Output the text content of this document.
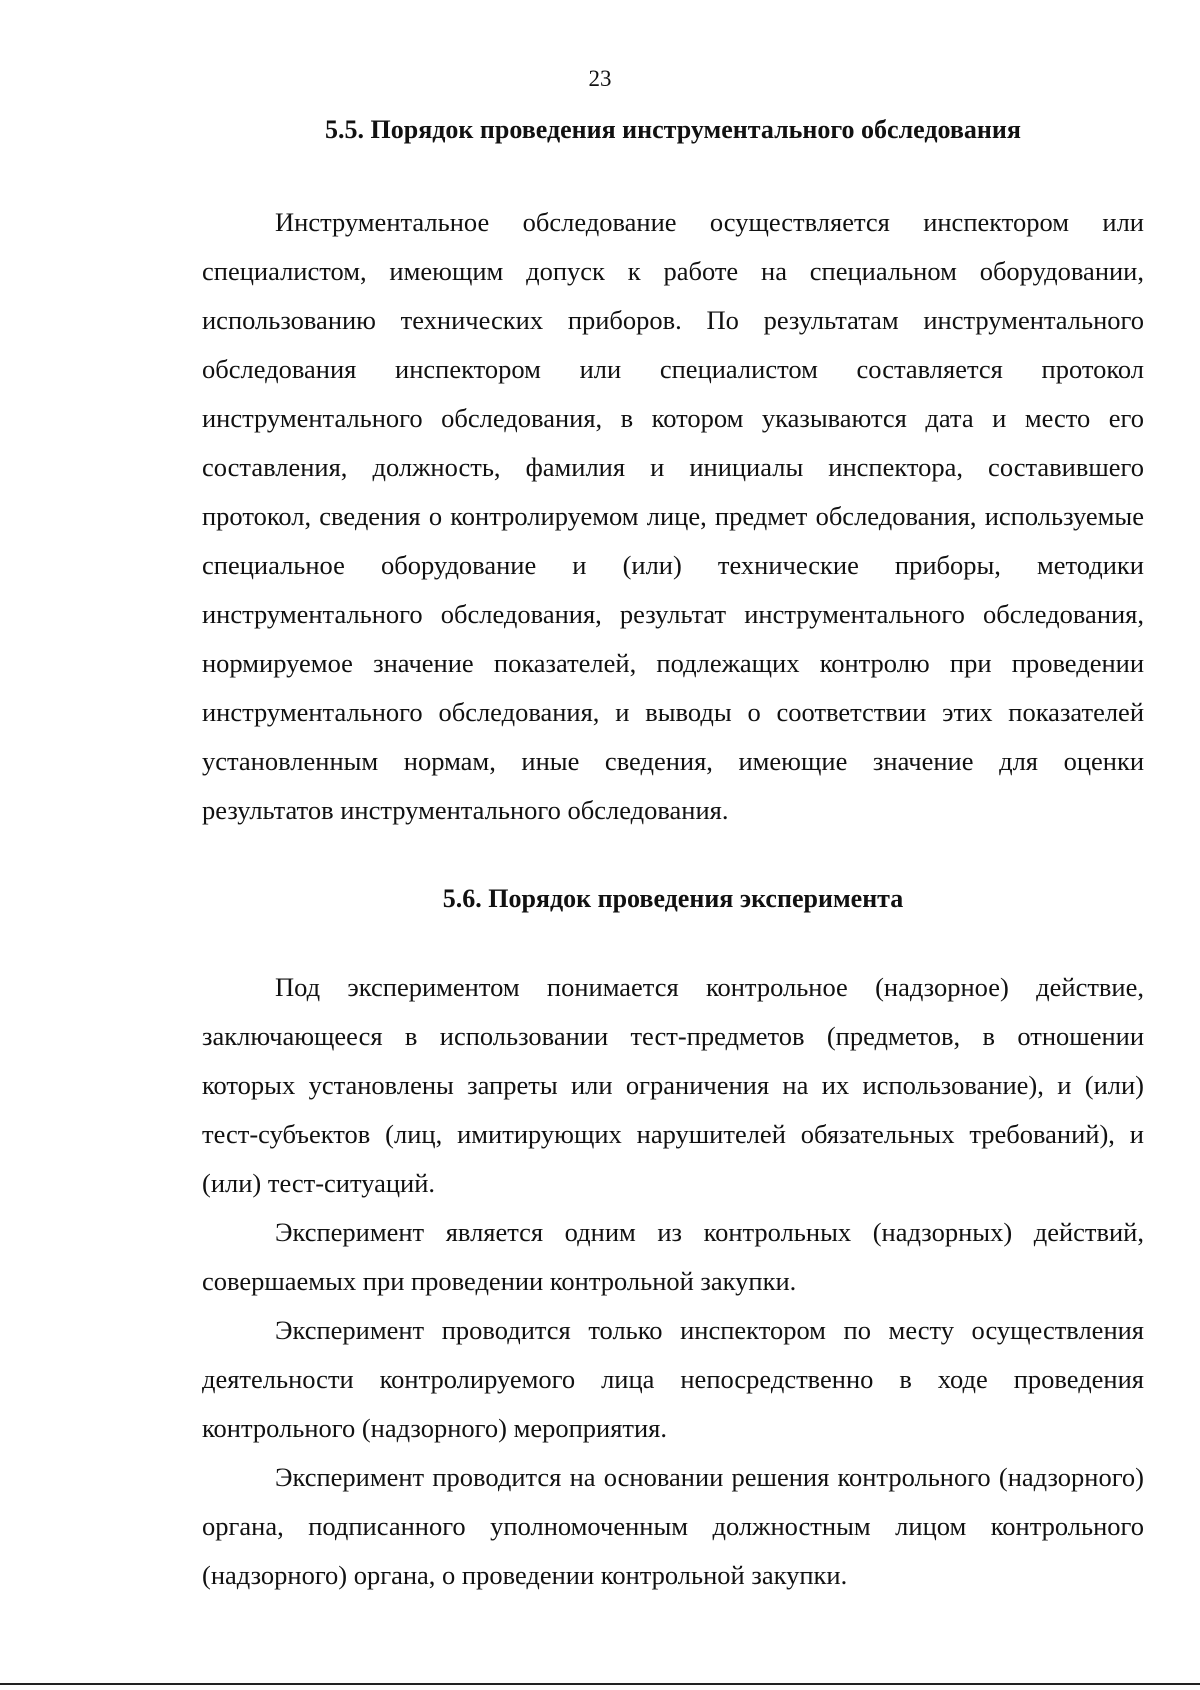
23
5.5. Порядок проведения инструментального обследования

Инструментальное обследование осуществляется инспектором или специалистом, имеющим допуск к работе на специальном оборудовании, использованию технических приборов. По результатам инструментального обследования инспектором или специалистом составляется протокол инструментального обследования, в котором указываются дата и место его составления, должность, фамилия и инициалы инспектора, составившего протокол, сведения о контролируемом лице, предмет обследования, используемые специальное оборудование и (или) технические приборы, методики инструментального обследования, результат инструментального обследования, нормируемое значение показателей, подлежащих контролю при проведении инструментального обследования, и выводы о соответствии этих показателей установленным нормам, иные сведения, имеющие значение для оценки результатов инструментального обследования.

5.6. Порядок проведения эксперимента

Под экспериментом понимается контрольное (надзорное) действие, заключающееся в использовании тест-предметов (предметов, в отношении которых установлены запреты или ограничения на их использование), и (или) тест-субъектов (лиц, имитирующих нарушителей обязательных требований), и (или) тест-ситуаций.

Эксперимент является одним из контрольных (надзорных) действий, совершаемых при проведении контрольной закупки.

Эксперимент проводится только инспектором по месту осуществления деятельности контролируемого лица непосредственно в ходе проведения контрольного (надзорного) мероприятия.

Эксперимент проводится на основании решения контрольного (надзорного) органа, подписанного уполномоченным должностным лицом контрольного (надзорного) органа, о проведении контрольной закупки.
